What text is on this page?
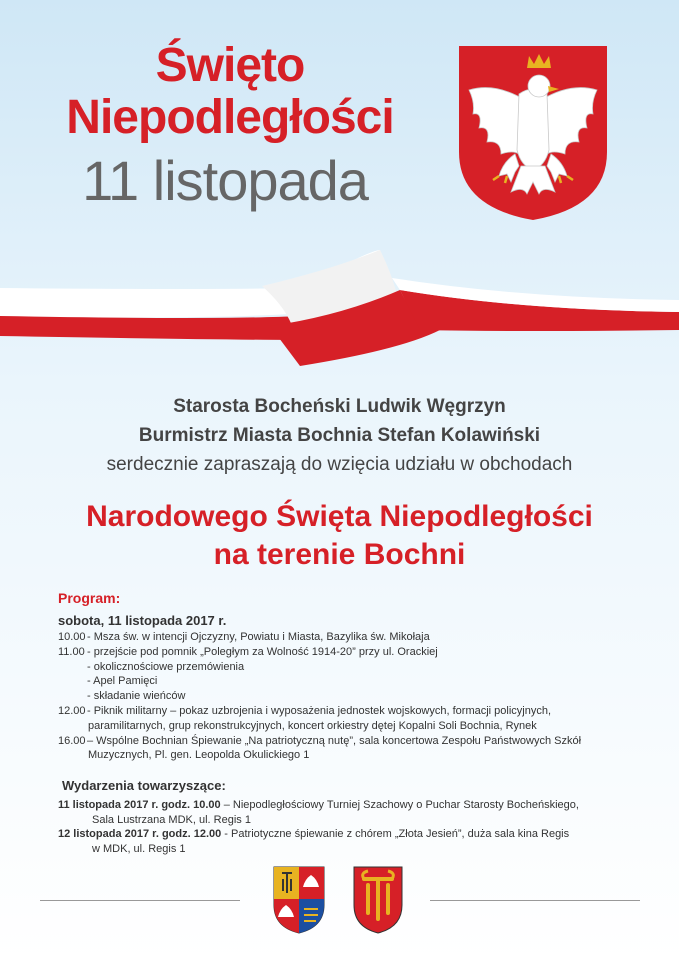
Święto
Niepodległości
11 listopada
Starosta Bocheński Ludwik Węgrzyn
Burmistrz Miasta Bochnia Stefan Kolawiński
serdecznie zapraszają do wzięcia udziału w obchodach
Narodowego Święta Niepodległości
na terenie Bochni
Program:
sobota, 11 listopada 2017 r.
10.00 - Msza św. w intencji Ojczyzny, Powiatu i Miasta, Bazylika św. Mikołaja
11.00 - przejście pod pomnik „Poległym za Wolność 1914-20” przy ul. Orackiej
- okolicznościowe przemówienia
- Apel Pamięci
- składanie wieńców
12.00 - Piknik militarny – pokaz uzbrojenia i wyposażenia jednostek wojskowych, formacji policyjnych,
paramilitarnych, grup rekonstrukcyjnych, koncert orkiestry dętej Kopalni Soli Bochnia, Rynek
16.00 – Wspólne Bochnian Śpiewanie „Na patriotyczną nutę”, sala koncertowa Zespołu Państwowych Szkół
Muzycznych, Pl. gen. Leopolda Okulickiego 1
Wydarzenia towarzyszące:
11 listopada 2017 r. godz. 10.00 – Niepodległościowy Turniej Szachowy o Puchar Starosty Bocheńskiego,
Sala Lustrzana MDK, ul. Regis 1
12 listopada 2017 r. godz. 12.00 - Patriotyczne śpiewanie z chórem „Złota Jesień”, duża sala kina Regis
w MDK, ul. Regis 1
